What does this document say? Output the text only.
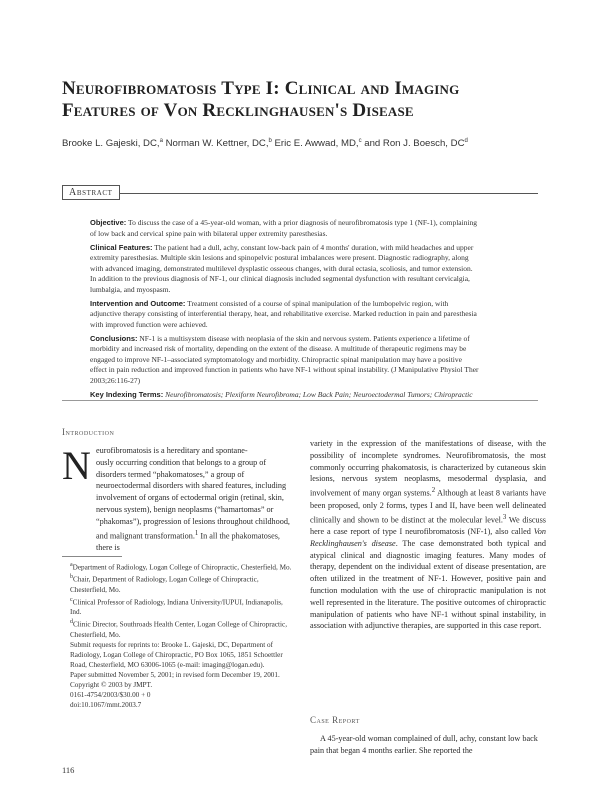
Neurofibromatosis Type I: Clinical and Imaging
Features of Von Recklinghausen's Disease
Brooke L. Gajeski, DC,$^a$ Norman W. Kettner, DC,$^b$ Eric E. Awwad, MD,$^c$ and Ron J. Boesch, $DC^d$
Abstract

Objective: To discuss the case of a 45-year-old woman, with a prior diagnosis of neurofibromatosis type 1 (NF-1), complaining of low back and cervical spine pain with bilateral upper extremity paresthesias.

Clinical Features: The patient had a dull, achy, constant low-back pain of 4 months' duration, with mild headaches and upper extremity paresthesias. Multiple skin lesions and spinopelvic postural imbalances were present. Diagnostic radiography, along with advanced imaging, demonstrated multilevel dysplastic osseous changes, with dural ectasia, scoliosis, and tumor extension. In addition to the previous diagnosis of NF-1, our clinical diagnosis included segmental dysfunction with resultant cervicalgia, lumbalgia, and myospasm.

Intervention and Outcome: Treatment consisted of a course of spinal manipulation of the lumbopelvic region, with adjunctive therapy consisting of interferential therapy, heat, and rehabilitative exercise. Marked reduction in pain and paresthesia with improved function were achieved.

Conclusions: NF-1 is a multisystem disease with neoplasia of the skin and nervous system. Patients experience a lifetime of morbidity and increased risk of mortality, depending on the extent of the disease. A multitude of therapeutic regimens may be engaged to improve NF-1–associated symptomatology and morbidity. Chiropractic spinal manipulation may have a positive effect in pain reduction and improved function in patients who have NF-1 without spinal instability. (J Manipulative Physiol Ther 2003;26:116-27)

Key Indexing Terms: Neurofibromatosis; Plexiform Neurofibroma; Low Back Pain; Neuroectodermal Tumors; Chiropractic

Introduction
N eurofibromatosis is a hereditary and spontane-
ously occurring condition that belongs to a group of disorders termed “phakomatoses,” a group of neuroectodermal disorders with shared features, including involvement of organs of ectodermal origin (retinal, skin, nervous system), benign neoplasms (“hamartomas” or “phakomas”), progression of lesions throughout childhood, and malignant transformation.$^1$ In all the phakomatoses, there is

$^a$Department of Radiology, Logan College of Chiropractic, Chesterfield, Mo.

$^b$Chair, Department of Radiology, Logan College of Chiropractic, Chesterfield, Mo.

$^c$Clinical Professor of Radiology, Indiana University/IUPUI, Indianapolis, Ind.

$^d$Clinic Director, Southroads Health Center, Logan College of Chiropractic, Chesterfield, Mo.

Submit requests for reprints to: Brooke L. Gajeski, DC, Department of Radiology, Logan College of Chiropractic, PO Box 1065, 1851 Schoettler Road, Chesterfield, MO 63006-1065 (e-mail: imaging@logan.edu).

Paper submitted November 5, 2001; in revised form December 19, 2001.

Copyright © 2003 by JMPT.

0161-4754/2003/$30.00 + 0

doi:10.1067/mmt.2003.7

variety in the expression of the manifestations of disease, with the possibility of incomplete syndromes. Neurofibromatosis, the most commonly occurring phakomatosis, is characterized by cutaneous skin lesions, nervous system neoplasms, mesodermal dysplasia, and involvement of many organ systems.$^2$ Although at least 8 variants have been proposed, only 2 forms, types I and II, have been well delineated clinically and shown to be distinct at the molecular level.$^3$ We discuss here a case report of type I neurofibromatosis (NF-1), also called Von Recklinghausen's disease. The case demonstrated both typical and atypical clinical and diagnostic imaging features. Many modes of therapy, dependent on the individual extent of disease presentation, are often utilized in the treatment of NF-1. However, positive pain and function modulation with the use of chiropractic manipulation is not well represented in the literature. The positive outcomes of chiropractic manipulation of patients who have NF-1 without spinal instability, in association with adjunctive therapies, are supported in this case report.

Case Report
A 45-year-old woman complained of dull, achy, constant low back pain that began 4 months earlier. She reported the
116
